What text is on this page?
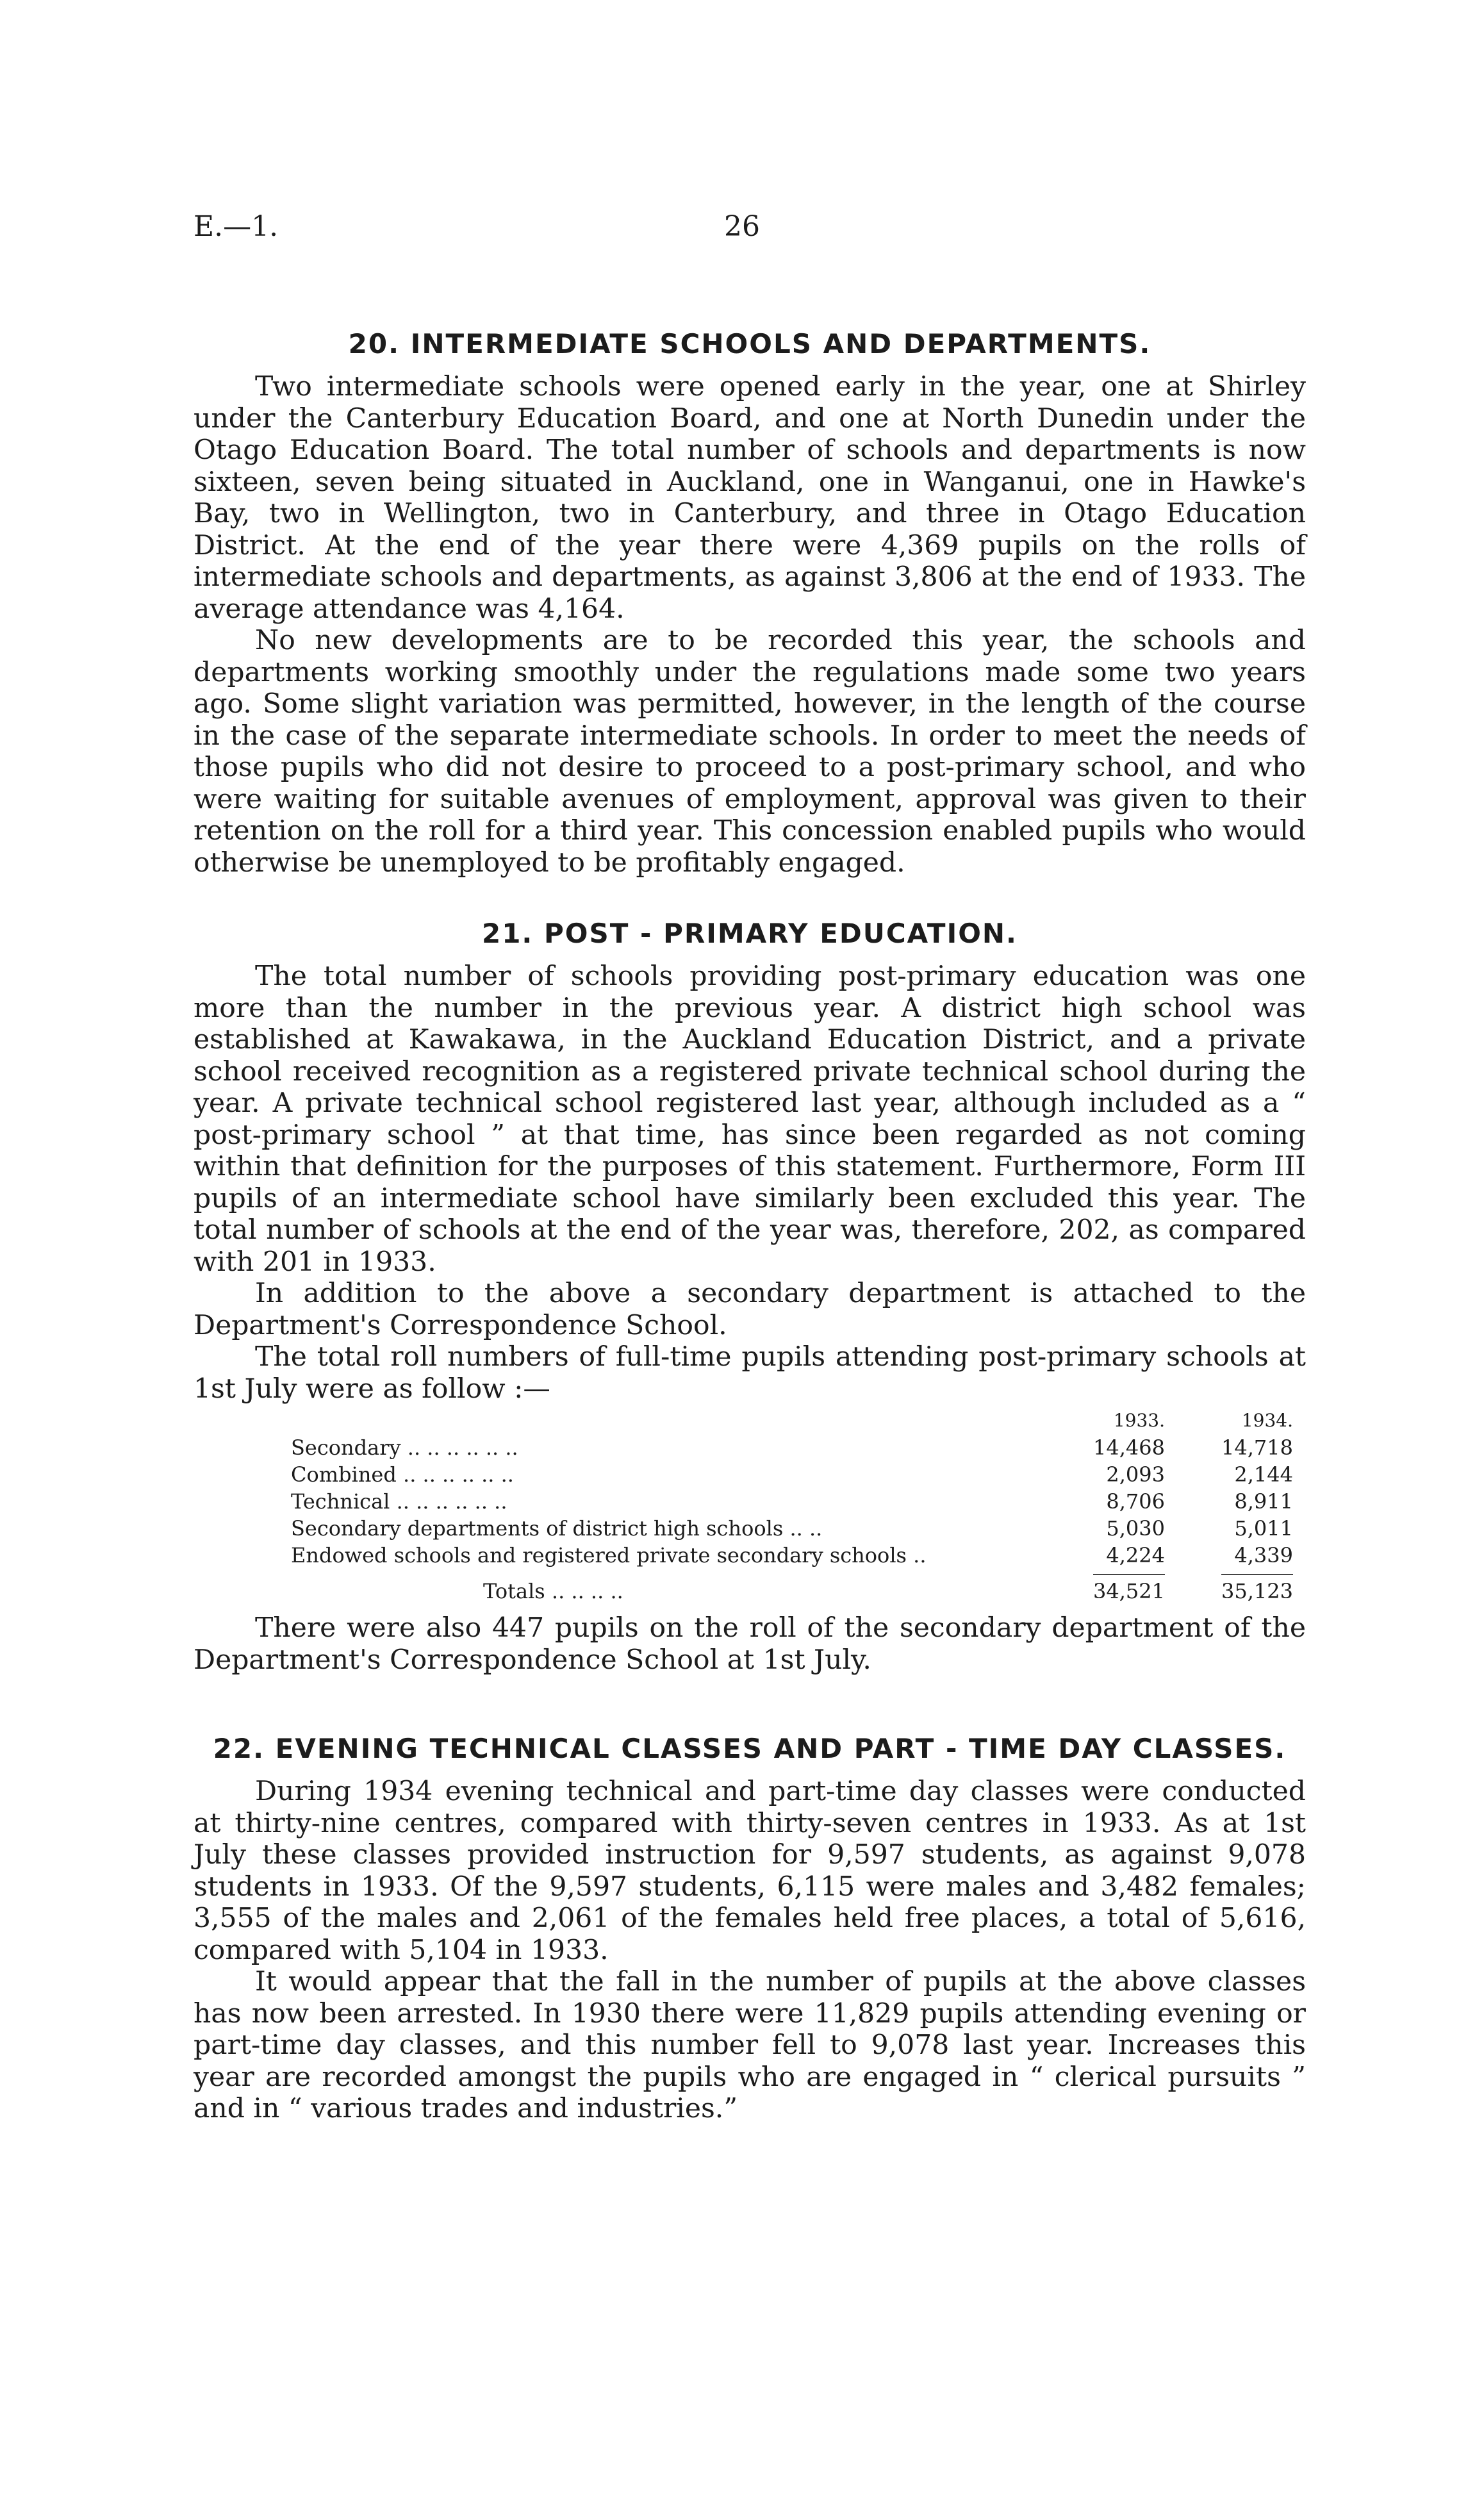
E.—1.	26
20. INTERMEDIATE SCHOOLS AND DEPARTMENTS.

Two intermediate schools were opened early in the year, one at Shirley under the Canterbury Education Board, and one at North Dunedin under the Otago Education Board. The total number of schools and departments is now sixteen, seven being situated in Auckland, one in Wanganui, one in Hawke's Bay, two in Wellington, two in Canterbury, and three in Otago Education District. At the end of the year there were 4,369 pupils on the rolls of intermediate schools and departments, as against 3,806 at the end of 1933. The average attendance was 4,164.

No new developments are to be recorded this year, the schools and departments working smoothly under the regulations made some two years ago. Some slight variation was permitted, however, in the length of the course in the case of the separate intermediate schools. In order to meet the needs of those pupils who did not desire to proceed to a post-primary school, and who were waiting for suitable avenues of employment, approval was given to their retention on the roll for a third year. This concession enabled pupils who would otherwise be unemployed to be profitably engaged.

21. POST - PRIMARY EDUCATION.

The total number of schools providing post-primary education was one more than the number in the previous year. A district high school was established at Kawakawa, in the Auckland Education District, and a private school received recognition as a registered private technical school during the year. A private technical school registered last year, although included as a “ post-primary school ” at that time, has since been regarded as not coming within that definition for the purposes of this statement. Furthermore, Form III pupils of an intermediate school have similarly been excluded this year. The total number of schools at the end of the year was, therefore, 202, as compared with 201 in 1933.

In addition to the above a secondary department is attached to the Department's Correspondence School.

The total roll numbers of full-time pupils attending post-primary schools at 1st July were as follow :—

1933.	1934.
Secondary .. .. .. .. .. ..	14,468	14,718
Combined .. .. .. .. .. ..	2,093	2,144
Technical .. .. .. .. .. ..	8,706	8,911
Secondary departments of district high schools .. ..	5,030	5,011
Endowed schools and registered private secondary schools ..	4,224	4,339
Totals .. .. .. ..	34,521	35,123

There were also 447 pupils on the roll of the secondary department of the Department's Correspondence School at 1st July.

22. EVENING TECHNICAL CLASSES AND PART - TIME DAY CLASSES.

During 1934 evening technical and part-time day classes were conducted at thirty-nine centres, compared with thirty-seven centres in 1933. As at 1st July these classes provided instruction for 9,597 students, as against 9,078 students in 1933. Of the 9,597 students, 6,115 were males and 3,482 females; 3,555 of the males and 2,061 of the females held free places, a total of 5,616, compared with 5,104 in 1933.

It would appear that the fall in the number of pupils at the above classes has now been arrested. In 1930 there were 11,829 pupils attending evening or part-time day classes, and this number fell to 9,078 last year. Increases this year are recorded amongst the pupils who are engaged in “ clerical pursuits ” and in “ various trades and industries.”
